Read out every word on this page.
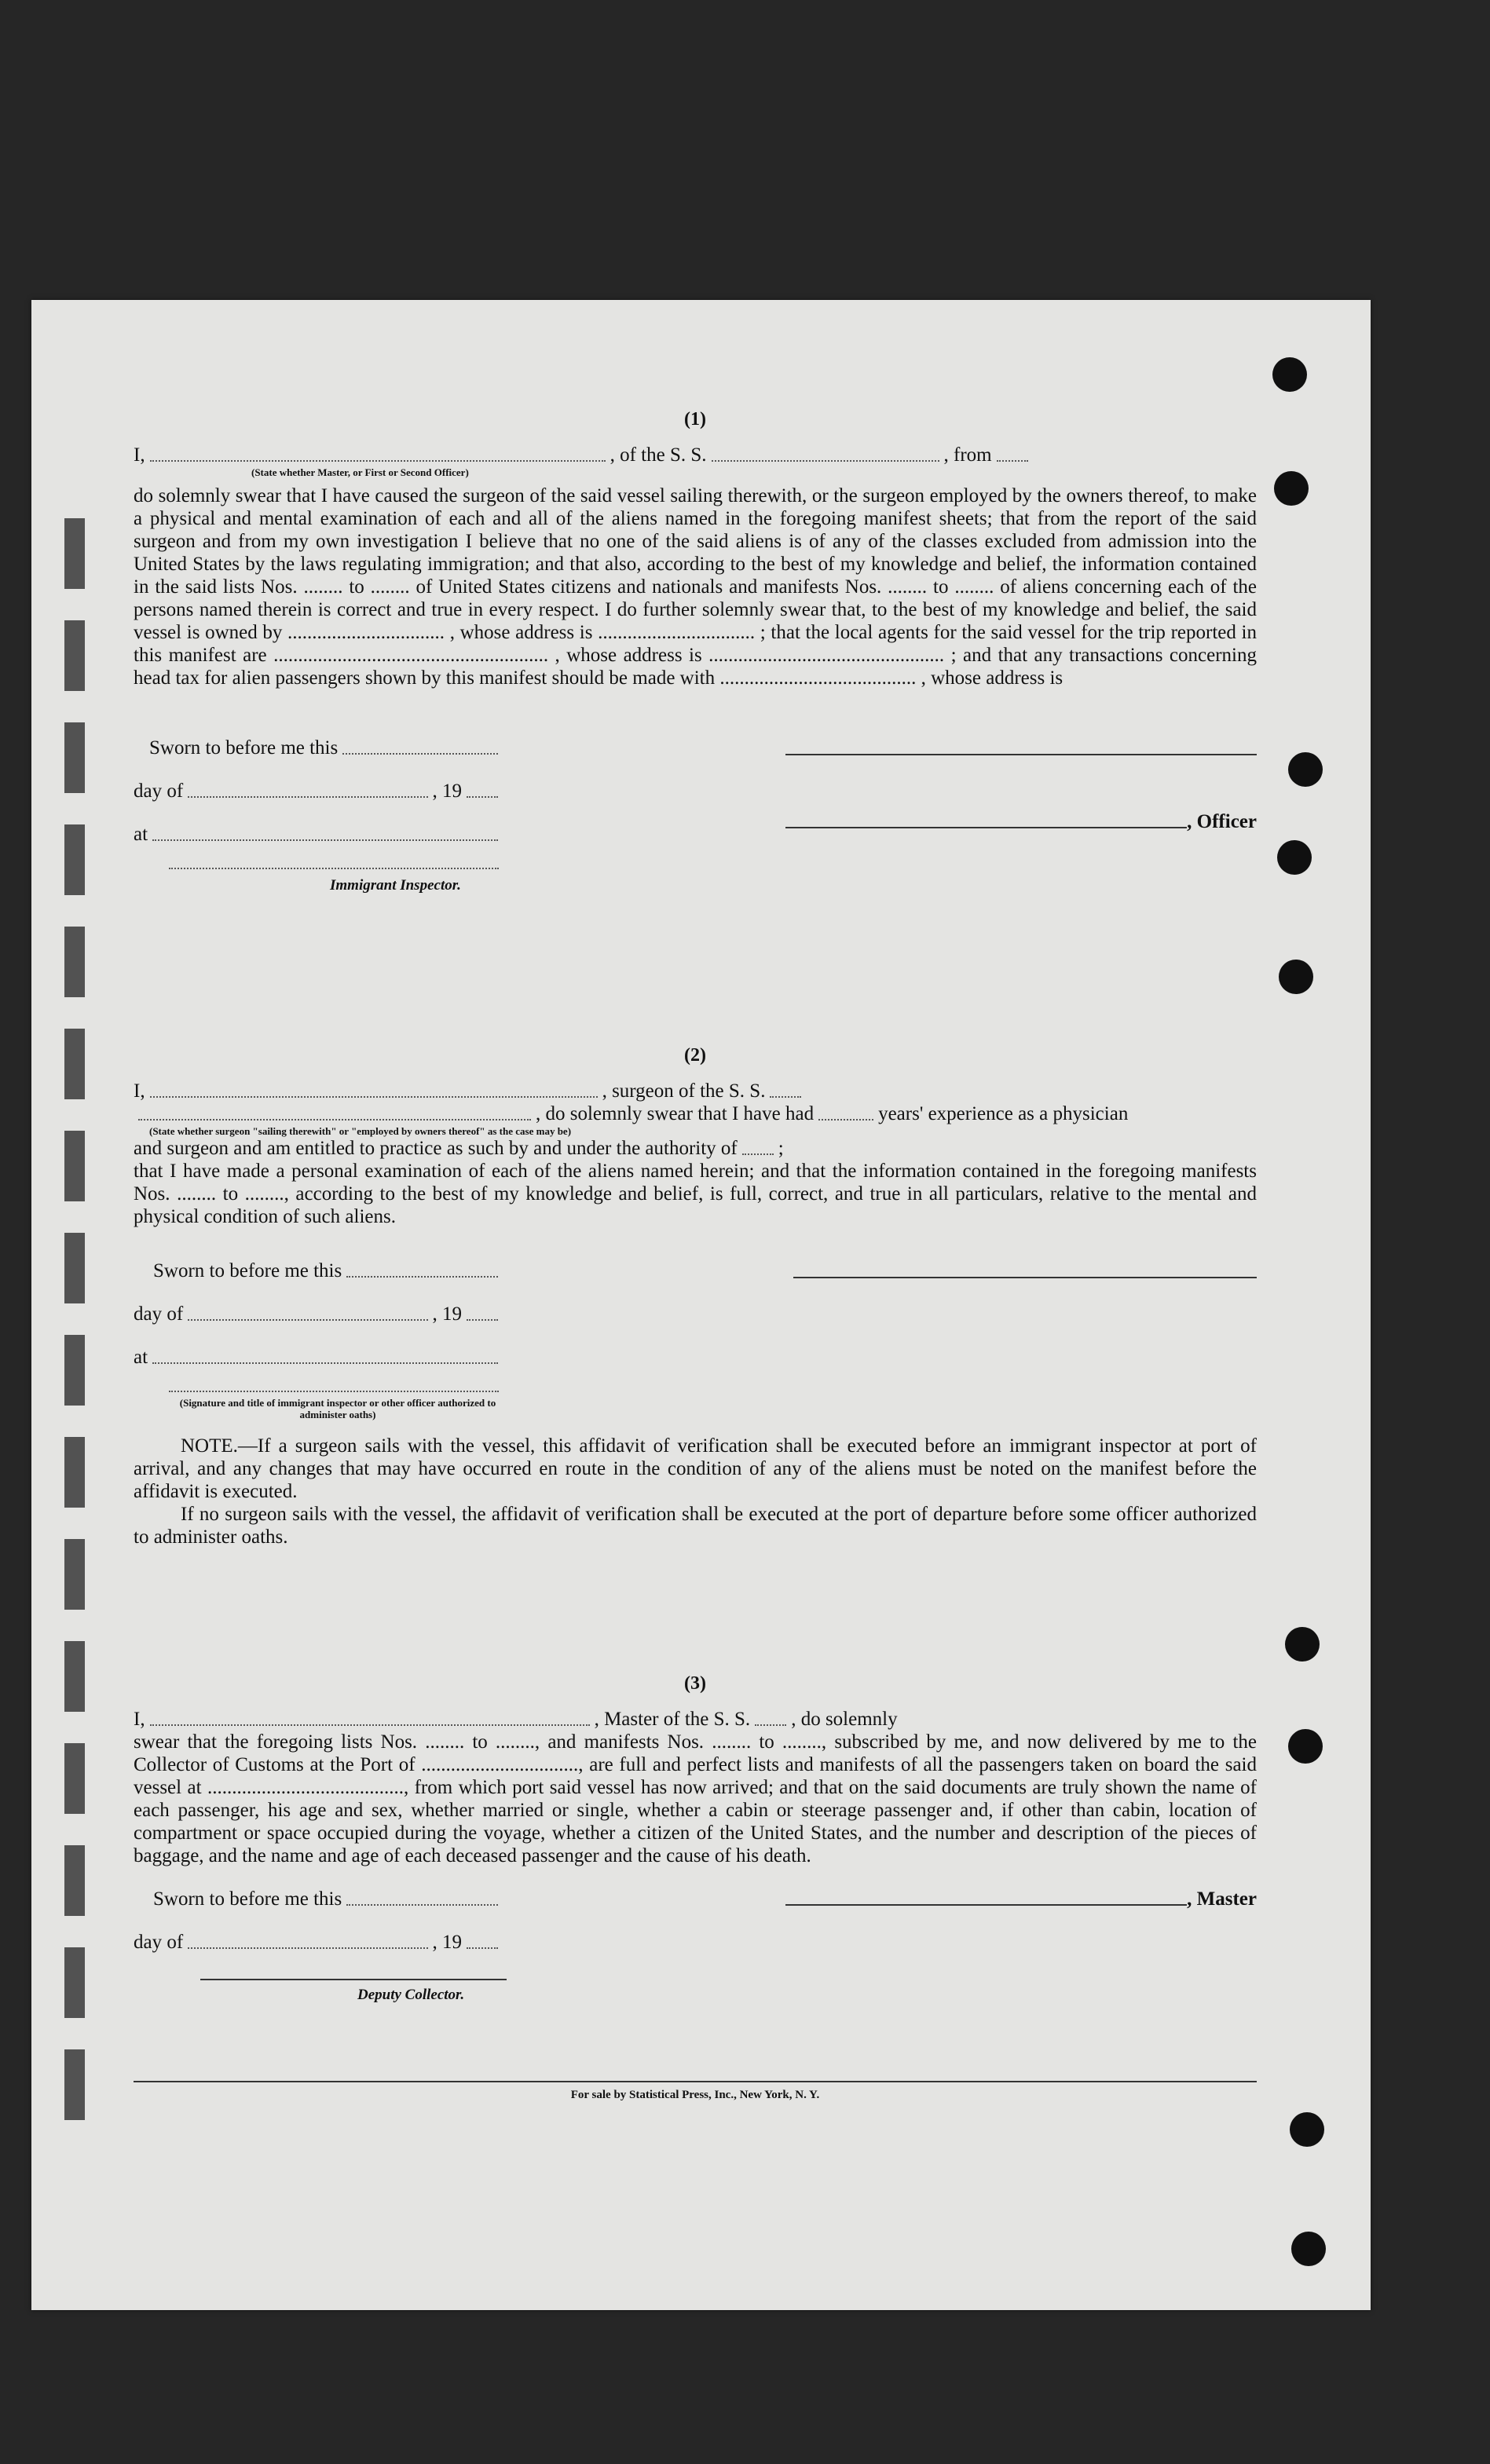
(1)

I,	, of the S. S.	, from
(State whether Master, or First or Second Officer)

do solemnly swear that I have caused the surgeon of the said vessel sailing therewith, or the surgeon employed by the owners thereof, to make a physical and mental examination of each and all of the aliens named in the foregoing manifest sheets; that from the report of the said surgeon and from my own investigation I believe that no one of the said aliens is of any of the classes excluded from admission into the United States by the laws regulating immigration; and that also, according to the best of my knowledge and belief, the information contained in the said lists Nos. ........ to ........ of United States citizens and nationals and manifests Nos. ........ to ........ of aliens concerning each of the persons named therein is correct and true in every respect. I do further solemnly swear that, to the best of my knowledge and belief, the said vessel is owned by ................................ , whose address is ................................ ; that the local agents for the said vessel for the trip reported in this manifest are ........................................................ , whose address is ................................................ ; and that any transactions concerning head tax for alien passengers shown by this manifest should be made with ........................................ , whose address is

Sworn to before me this
day of	, 19
at
Immigrant Inspector.
, Officer

(2)

I,	, surgeon of the S. S.
, do solemnly swear that I have had	years' experience as a physician
(State whether surgeon "sailing therewith" or "employed by owners thereof" as the case may be)
and surgeon and am entitled to practice as such by and under the authority of ;

that I have made a personal examination of each of the aliens named herein; and that the information contained in the foregoing manifests Nos. ........ to ........, according to the best of my knowledge and belief, is full, correct, and true in all particulars, relative to the mental and physical condition of such aliens.

Sworn to before me this
day of	, 19
at
(Signature and title of immigrant inspector or other officer authorized to administer oaths)

NOTE.—If a surgeon sails with the vessel, this affidavit of verification shall be executed before an immigrant inspector at port of arrival, and any changes that may have occurred en route in the condition of any of the aliens must be noted on the manifest before the affidavit is executed.

If no surgeon sails with the vessel, the affidavit of verification shall be executed at the port of departure before some officer authorized to administer oaths.

(3)

I,	, Master of the S. S. , do solemnly

swear that the foregoing lists Nos. ........ to ........, and manifests Nos. ........ to ........, subscribed by me, and now delivered by me to the Collector of Customs at the Port of ................................, are full and perfect lists and manifests of all the passengers taken on board the said vessel at ........................................, from which port said vessel has now arrived; and that on the said documents are truly shown the name of each passenger, his age and sex, whether married or single, whether a cabin or steerage passenger and, if other than cabin, location of compartment or space occupied during the voyage, whether a citizen of the United States, and the number and description of the pieces of baggage, and the name and age of each deceased passenger and the cause of his death.

Sworn to before me this
day of	, 19
Deputy Collector.
, Master
For sale by Statistical Press, Inc., New York, N. Y.
